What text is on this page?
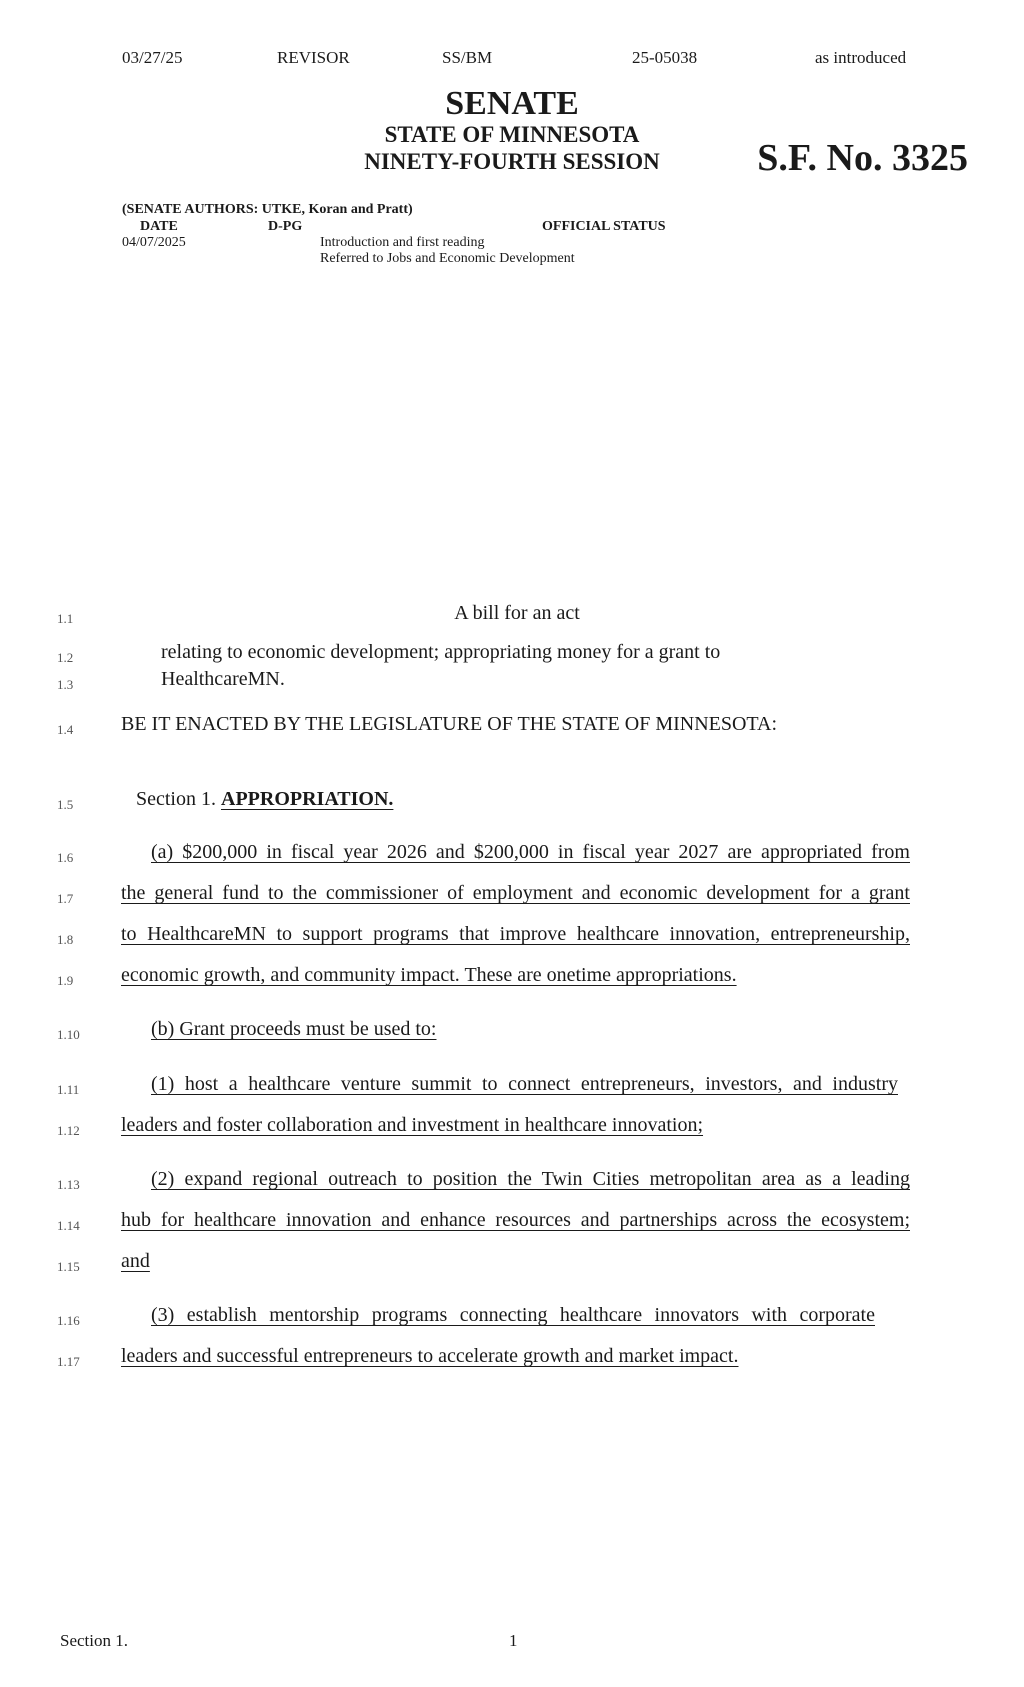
03/27/25	REVISOR	SS/BM	25-05038	as introduced
SENATE
STATE OF MINNESOTA
NINETY-FOURTH SESSION	S.F. No. 3325
(SENATE AUTHORS: UTKE, Koran and Pratt)
DATE	D-PG	OFFICIAL STATUS
04/07/2025	Introduction and first reading
Referred to Jobs and Economic Development
1.1
1.2
1.3
1.4
1.5
1.6
1.7
1.8
1.9
1.10
1.11
1.12
1.13
1.14
1.15
1.16
1.17
A bill for an act
relating to economic development; appropriating money for a grant to
HealthcareMN.
BE IT ENACTED BY THE LEGISLATURE OF THE STATE OF MINNESOTA:
Section 1. APPROPRIATION.
(a) $200,000 in fiscal year 2026 and $200,000 in fiscal year 2027 are appropriated from
the general fund to the commissioner of employment and economic development for a grant
to HealthcareMN to support programs that improve healthcare innovation, entrepreneurship,
economic growth, and community impact. These are onetime appropriations.
(b) Grant proceeds must be used to:
(1) host a healthcare venture summit to connect entrepreneurs, investors, and industry
leaders and foster collaboration and investment in healthcare innovation;
(2) expand regional outreach to position the Twin Cities metropolitan area as a leading
hub for healthcare innovation and enhance resources and partnerships across the ecosystem;
and
(3) establish mentorship programs connecting healthcare innovators with corporate
leaders and successful entrepreneurs to accelerate growth and market impact.
Section 1.	1
